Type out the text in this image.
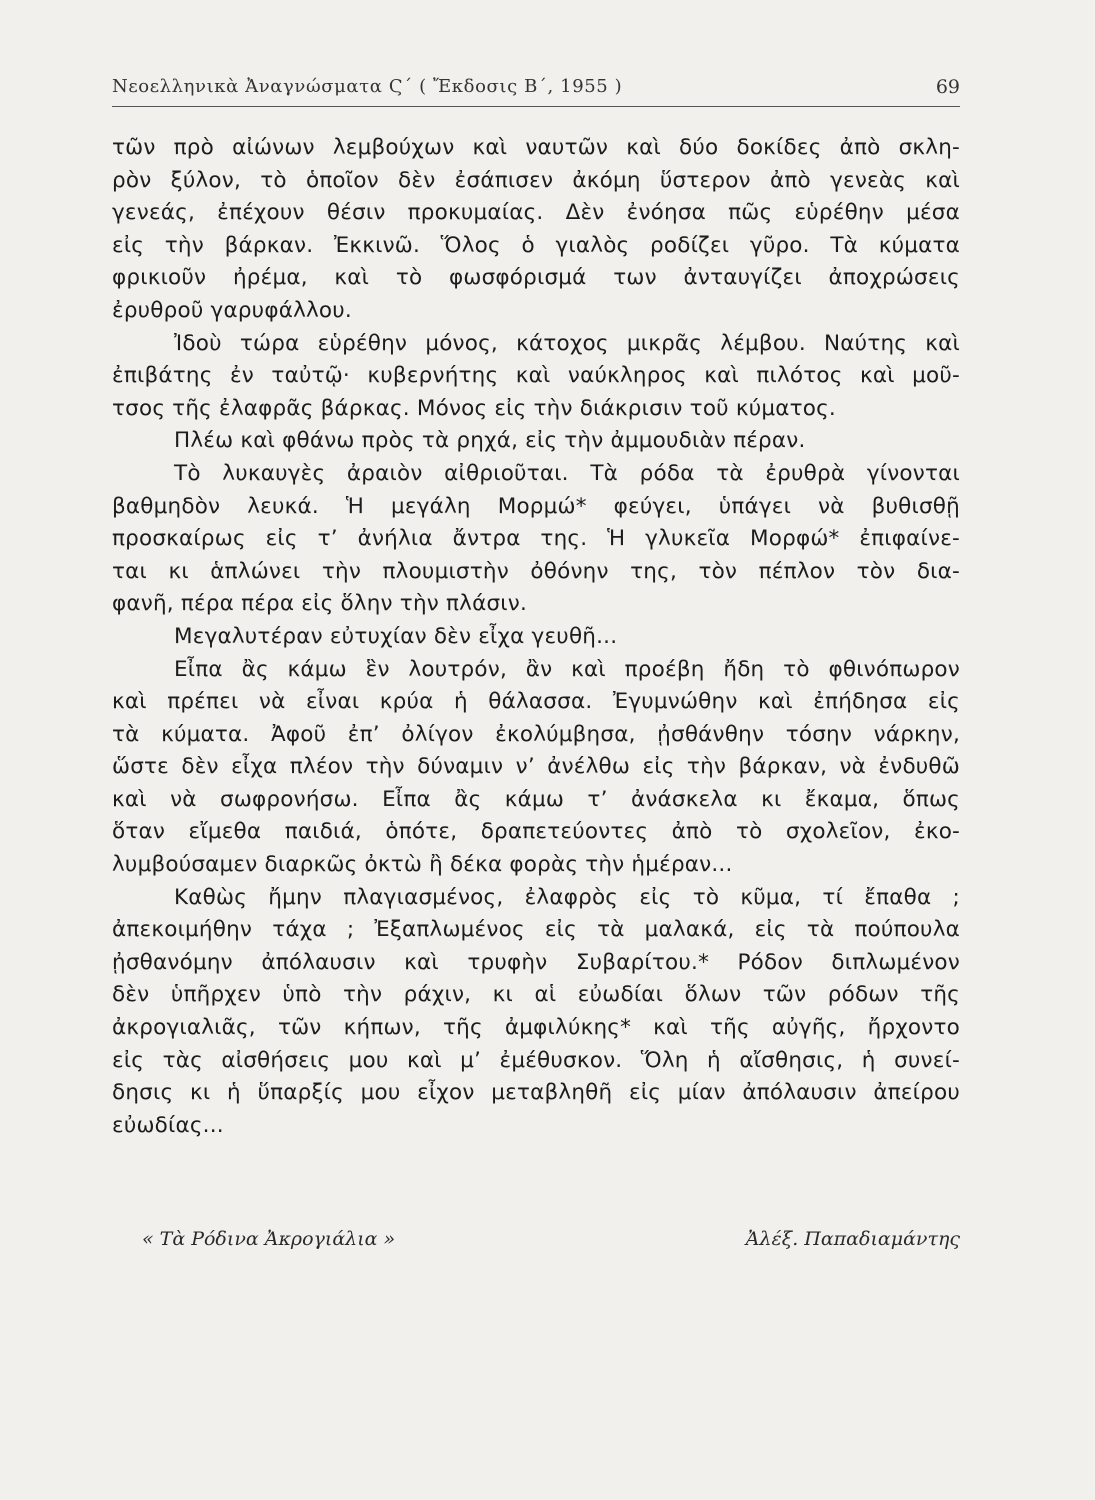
Νεοελληνικὰ Ἀναγνώσματα Ϛ´ ( Ἔκδοσις Β´, 1955 )	69
τῶν πρὸ αἰώνων λεμβούχων καὶ ναυτῶν καὶ δύο δοκίδες ἀπὸ σκλη-
ρὸν ξύλον, τὸ ὁποῖον δὲν ἐσάπισεν ἀκόμη ὕστερον ἀπὸ γενεὰς καὶ
γενεάς, ἐπέχουν θέσιν προκυμαίας. Δὲν ἐνόησα πῶς εὑρέθην μέσα
εἰς τὴν βάρκαν. Ἐκκινῶ. Ὅλος ὁ γιαλὸς ροδίζει γῦρο. Τὰ κύματα
φρικιοῦν ἠρέμα, καὶ τὸ φωσφόρισμά των ἀνταυγίζει ἀποχρώσεις
ἐρυθροῦ γαρυφάλλου.
Ἰδοὺ τώρα εὑρέθην μόνος, κάτοχος μικρᾶς λέμβου. Ναύτης καὶ
ἐπιβάτης ἐν ταὐτῷ· κυβερνήτης καὶ ναύκληρος καὶ πιλότος καὶ μοῦ-
τσος τῆς ἐλαφρᾶς βάρκας. Μόνος εἰς τὴν διάκρισιν τοῦ κύματος.
Πλέω καὶ φθάνω πρὸς τὰ ρηχά, εἰς τὴν ἀμμουδιὰν πέραν.
Τὸ λυκαυγὲς ἀραιὸν αἰθριοῦται. Τὰ ρόδα τὰ ἐρυθρὰ γίνονται
βαθμηδὸν λευκά. Ἡ μεγάλη Μορμώ* φεύγει, ὑπάγει νὰ βυθισθῇ
προσκαίρως εἰς τ’ ἀνήλια ἄντρα της. Ἡ γλυκεῖα Μορφώ* ἐπιφαίνε-
ται κι ἁπλώνει τὴν πλουμιστὴν ὀθόνην της, τὸν πέπλον τὸν δια-
φανῆ, πέρα πέρα εἰς ὅλην τὴν πλάσιν.
Μεγαλυτέραν εὐτυχίαν δὲν εἶχα γευθῆ...
Εἶπα ἂς κάμω ἓν λουτρόν, ἂν καὶ προέβη ἤδη τὸ φθινόπωρον
καὶ πρέπει νὰ εἶναι κρύα ἡ θάλασσα. Ἐγυμνώθην καὶ ἐπήδησα εἰς
τὰ κύματα. Ἀφοῦ ἐπ’ ὀλίγον ἐκολύμβησα, ᾐσθάνθην τόσην νάρκην,
ὥστε δὲν εἶχα πλέον τὴν δύναμιν ν’ ἀνέλθω εἰς τὴν βάρκαν, νὰ ἐνδυθῶ
καὶ νὰ σωφρονήσω. Εἶπα ἂς κάμω τ’ ἀνάσκελα κι ἔκαμα, ὅπως
ὅταν εἴμεθα παιδιά, ὁπότε, δραπετεύοντες ἀπὸ τὸ σχολεῖον, ἐκο-
λυμβούσαμεν διαρκῶς ὀκτὼ ἢ δέκα φορὰς τὴν ἡμέραν...
Καθὼς ἤμην πλαγιασμένος, ἐλαφρὸς εἰς τὸ κῦμα, τί ἔπαθα ;
ἀπεκοιμήθην τάχα ; Ἐξαπλωμένος εἰς τὰ μαλακά, εἰς τὰ πούπουλα
ᾐσθανόμην ἀπόλαυσιν καὶ τρυφὴν Συβαρίτου.* Ρόδον διπλωμένον
δὲν ὑπῆρχεν ὑπὸ τὴν ράχιν, κι αἱ εὐωδίαι ὅλων τῶν ρόδων τῆς
ἀκρογιαλιᾶς, τῶν κήπων, τῆς ἀμφιλύκης* καὶ τῆς αὐγῆς, ἤρχοντο
εἰς τὰς αἰσθήσεις μου καὶ μ’ ἐμέθυσκον. Ὅλη ἡ αἴσθησις, ἡ συνεί-
δησις κι ἡ ὕπαρξίς μου εἶχον μεταβληθῆ εἰς μίαν ἀπόλαυσιν ἀπείρου
εὐωδίας...
« Τὰ Ρόδινα Ἀκρογιάλια »	Ἀλέξ. Παπαδιαμάντης
